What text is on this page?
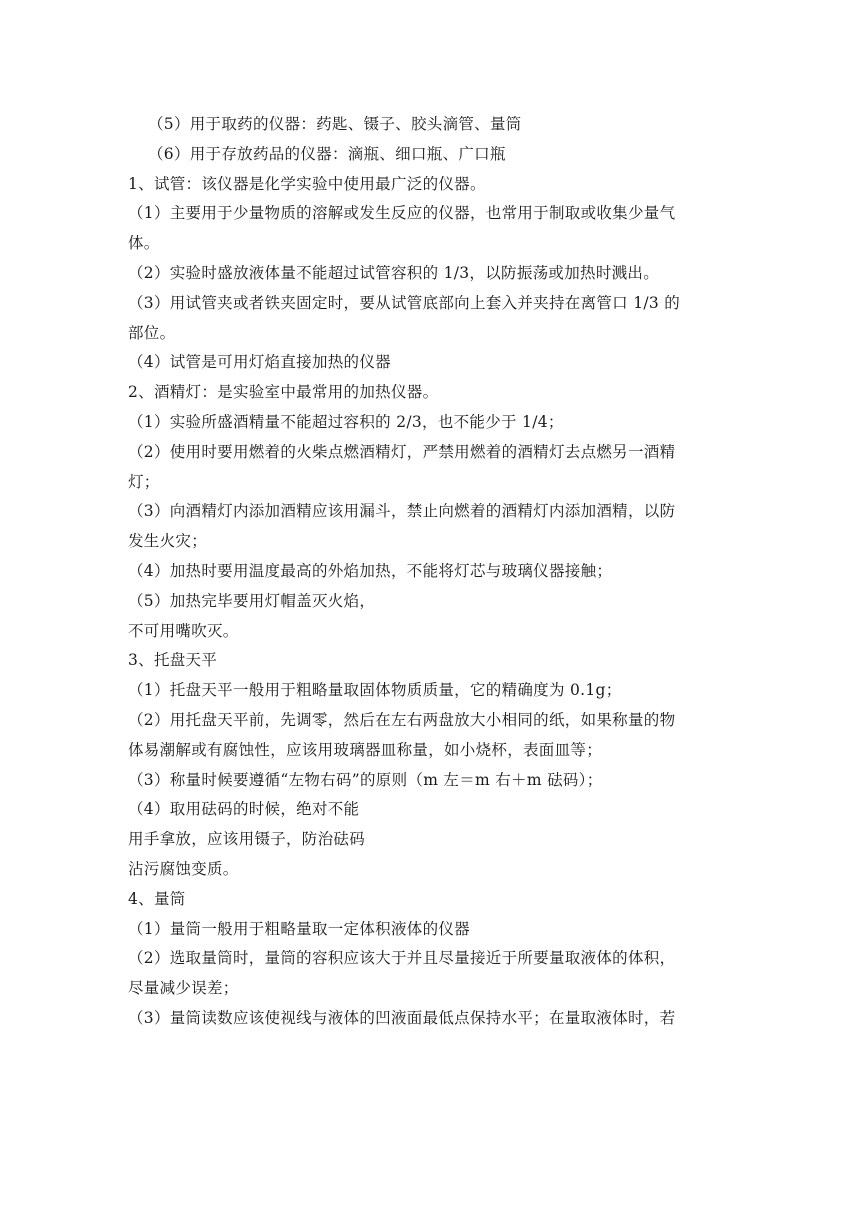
（5）用于取药的仪器：药匙、镊子、胶头滴管、量筒
（6）用于存放药品的仪器：滴瓶、细口瓶、广口瓶
1、试管：该仪器是化学实验中使用最广泛的仪器。
（1）主要用于少量物质的溶解或发生反应的仪器，也常用于制取或收集少量气
体。
（2）实验时盛放液体量不能超过试管容积的 1/3，以防振荡或加热时溅出。
（3）用试管夹或者铁夹固定时，要从试管底部向上套入并夹持在离管口 1/3 的
部位。
（4）试管是可用灯焰直接加热的仪器
2、酒精灯：是实验室中最常用的加热仪器。
（1）实验所盛酒精量不能超过容积的 2/3，也不能少于 1/4；
（2）使用时要用燃着的火柴点燃酒精灯，严禁用燃着的酒精灯去点燃另一酒精
灯；
（3）向酒精灯内添加酒精应该用漏斗，禁止向燃着的酒精灯内添加酒精，以防
发生火灾；
（4）加热时要用温度最高的外焰加热，不能将灯芯与玻璃仪器接触；
（5）加热完毕要用灯帽盖灭火焰，
不可用嘴吹灭。
3、托盘天平
（1）托盘天平一般用于粗略量取固体物质质量，它的精确度为 0.1g；
（2）用托盘天平前，先调零，然后在左右两盘放大小相同的纸，如果称量的物
体易潮解或有腐蚀性，应该用玻璃器皿称量，如小烧杯，表面皿等；
（3）称量时候要遵循“左物右码”的原则（m 左＝m 右＋m 砝码）；
（4）取用砝码的时候，绝对不能
用手拿放，应该用镊子，防治砝码
沾污腐蚀变质。
4、量筒
（1）量筒一般用于粗略量取一定体积液体的仪器
（2）选取量筒时，量筒的容积应该大于并且尽量接近于所要量取液体的体积，
尽量减少误差；
（3）量筒读数应该使视线与液体的凹液面最低点保持水平；在量取液体时，若
